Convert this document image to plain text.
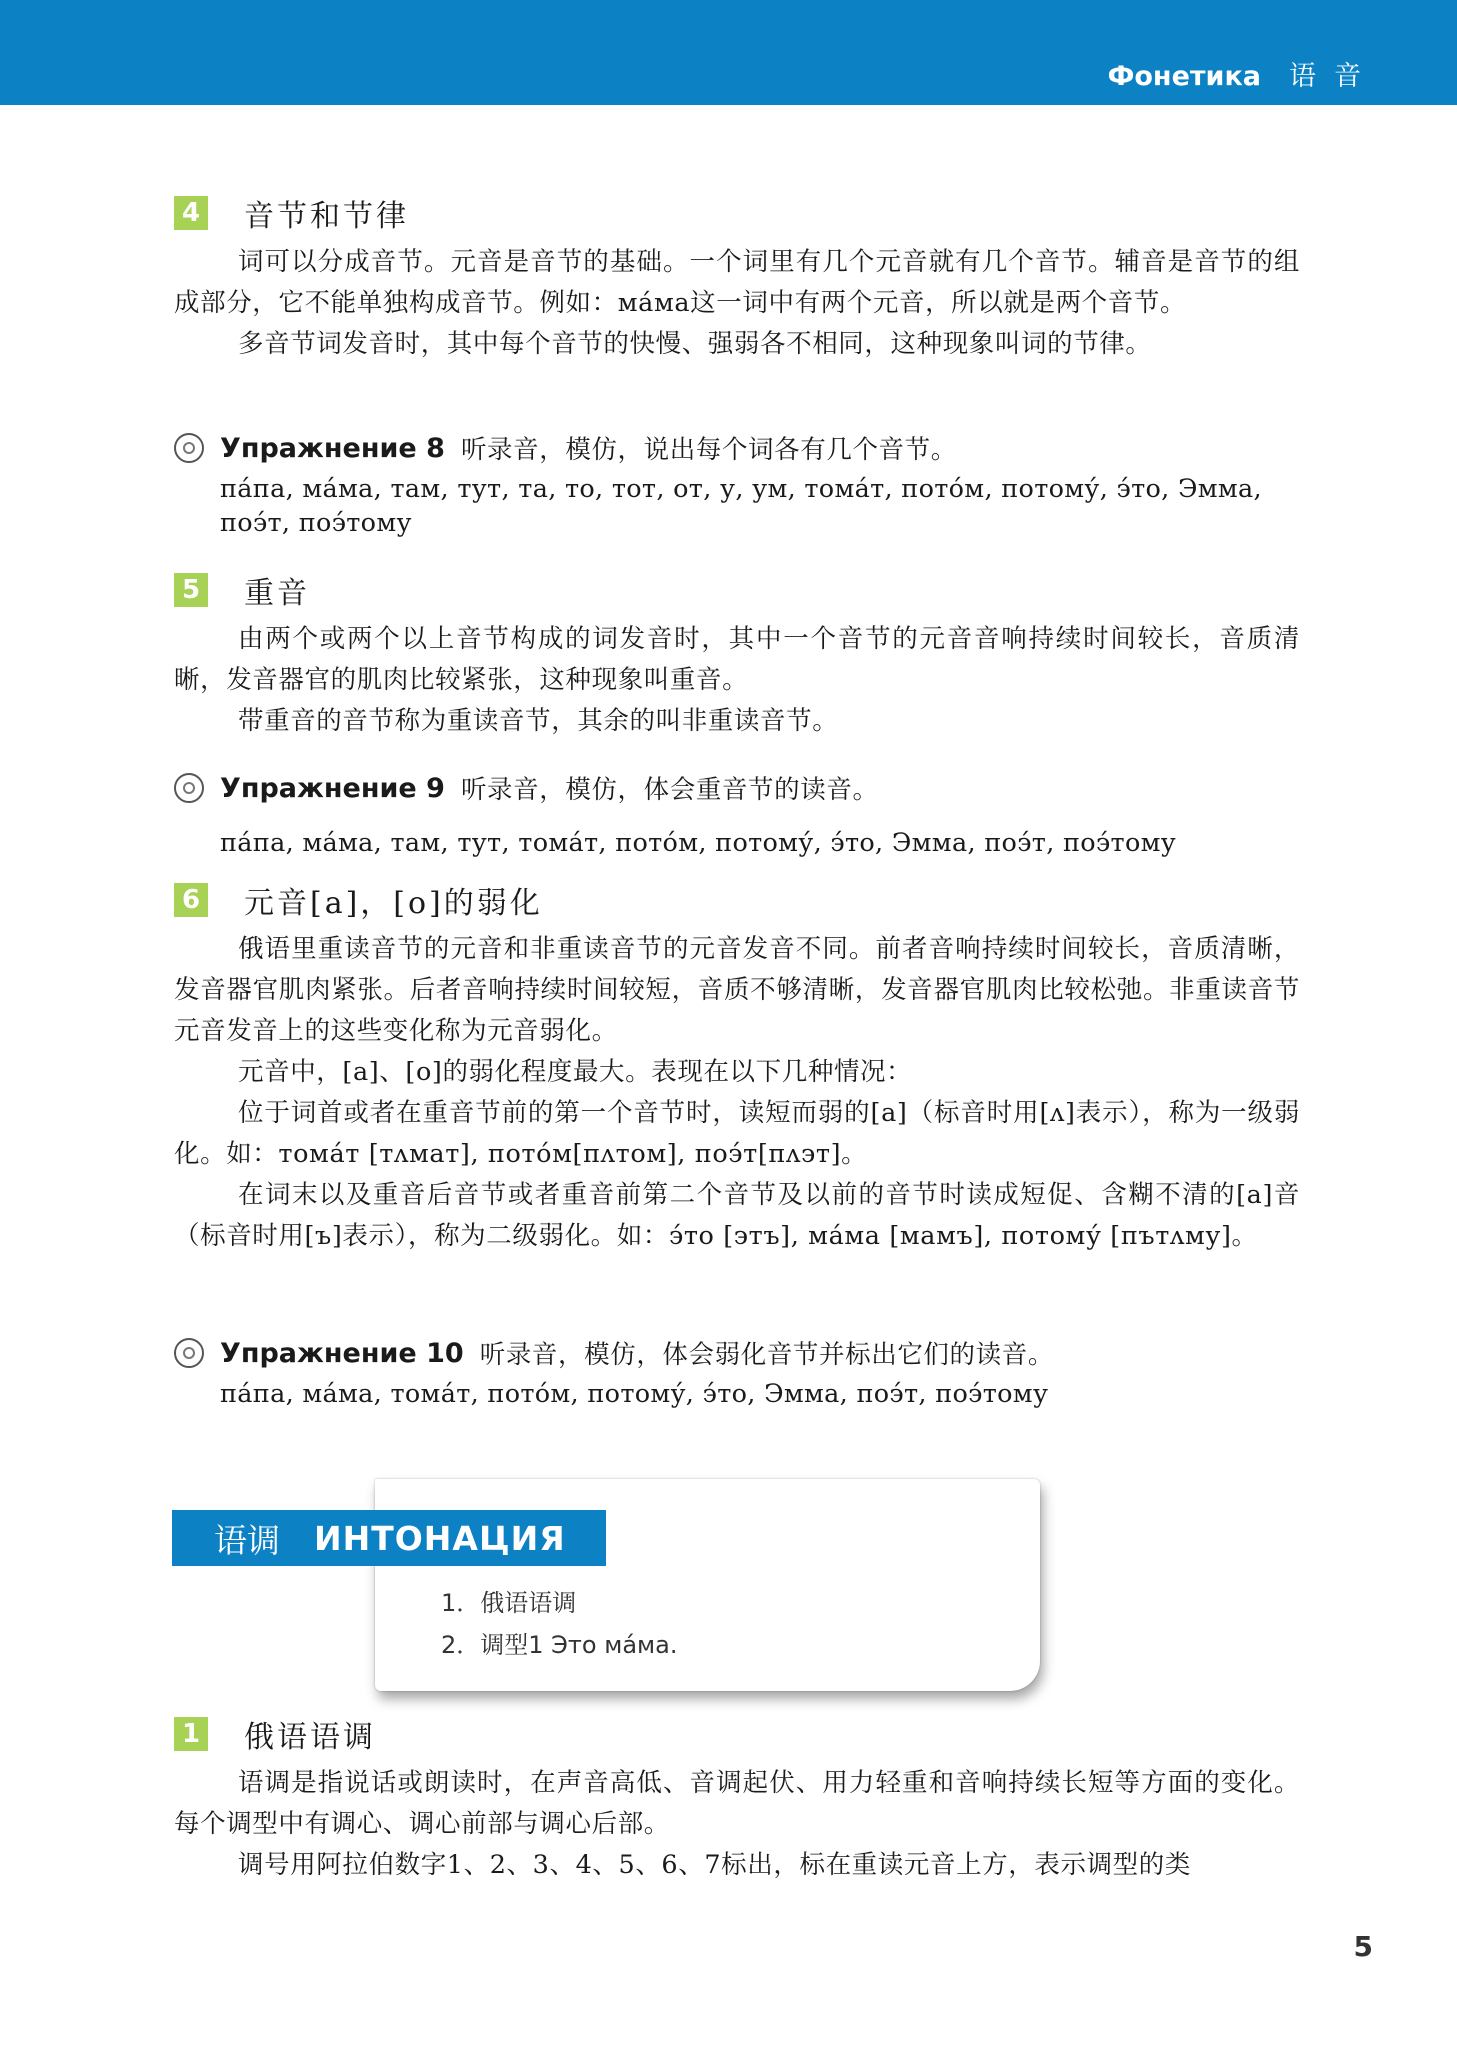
Фонетика 语音
4 音节和节律
词可以分成音节。元音是音节的基础。一个词里有几个元音就有几个音节。辅音是音节的组成部分，它不能单独构成音节。例如：ма́ма这一词中有两个元音，所以就是两个音节。
多音节词发音时，其中每个音节的快慢、强弱各不相同，这种现象叫词的节律。
Упражнение 8 听录音，模仿，说出每个词各有几个音节。
па́па, ма́ма, там, тут, та, то, тот, от, у, ум, тома́т, пото́м, потому́, э́то, Эмма, поэ́т, поэ́тому
5 重音
由两个或两个以上音节构成的词发音时，其中一个音节的元音音响持续时间较长，音质清晰，发音器官的肌肉比较紧张，这种现象叫重音。
带重音的音节称为重读音节，其余的叫非重读音节。
Упражнение 9 听录音，模仿，体会重音节的读音。
па́па, ма́ма, там, тут, тома́т, пото́м, потому́, э́то, Эмма, поэ́т, поэ́тому
6 元音[a]，[o]的弱化
俄语里重读音节的元音和非重读音节的元音发音不同。前者音响持续时间较长，音质清晰，发音器官肌肉紧张。后者音响持续时间较短，音质不够清晰，发音器官肌肉比较松弛。非重读音节元音发音上的这些变化称为元音弱化。
元音中，[a]、[o]的弱化程度最大。表现在以下几种情况：
位于词首或者在重音节前的第一个音节时，读短而弱的[a]（标音时用[ʌ]表示），称为一级弱化。如：тома́т [тʌмат], пото́м[пʌтом], поэ́т[пʌэт]。
在词末以及重音后音节或者重音前第二个音节及以前的音节时读成短促、含糊不清的[a]音（标音时用[ъ]表示），称为二级弱化。如：э́то [этъ], ма́ма [мамъ], потому́ [пътʌму]。
Упражнение 10 听录音，模仿，体会弱化音节并标出它们的读音。
па́па, ма́ма, тома́т, пото́м, потому́, э́то, Эмма, поэ́т, поэ́тому
1．俄语语调
2．调型1 Это ма́ма.
语调 ИНТОНАЦИЯ
1 俄语语调
语调是指说话或朗读时，在声音高低、音调起伏、用力轻重和音响持续长短等方面的变化。 每个调型中有调心、调心前部与调心后部。
调号用阿拉伯数字1、2、3、4、5、6、7标出，标在重读元音上方，表示调型的类
5
